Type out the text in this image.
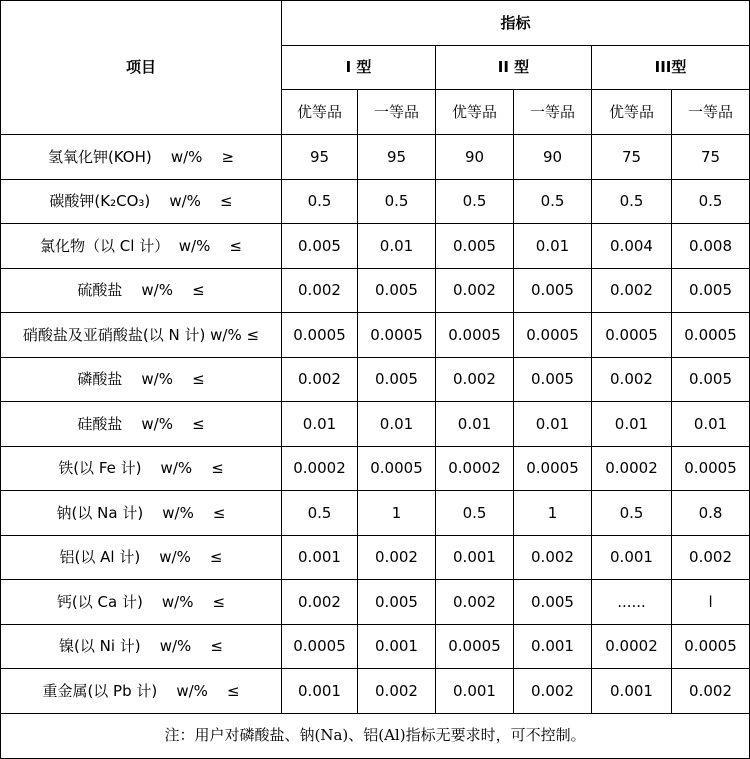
项目	指标					
	I 型		II 型		III型	
	优等品	一等品	优等品	一等品	优等品	一等品
氢氧化钾(KOH)    w/%    ≥	95	95	90	90	75	75
碳酸钾(K₂CO₃)    w/%    ≤	0.5	0.5	0.5	0.5	0.5	0.5
氯化物（以 Cl 计）  w/%    ≤	0.005	0.01	0.005	0.01	0.004	0.008
硫酸盐    w/%    ≤	0.002	0.005	0.002	0.005	0.002	0.005
硝酸盐及亚硝酸盐(以 N 计) w/% ≤	0.0005	0.0005	0.0005	0.0005	0.0005	0.0005
磷酸盐    w/%    ≤	0.002	0.005	0.002	0.005	0.002	0.005
硅酸盐    w/%    ≤	0.01	0.01	0.01	0.01	0.01	0.01
铁(以 Fe 计)    w/%    ≤	0.0002	0.0005	0.0002	0.0005	0.0002	0.0005
钠(以 Na 计)    w/%    ≤	0.5	1	0.5	1	0.5	0.8
铝(以 Al 计)    w/%    ≤	0.001	0.002	0.001	0.002	0.001	0.002
钙(以 Ca 计)    w/%    ≤	0.002	0.005	0.002	0.005	......	l
镍(以 Ni 计)    w/%    ≤	0.0005	0.001	0.0005	0.001	0.0002	0.0005
重金属(以 Pb 计)    w/%    ≤	0.001	0.002	0.001	0.002	0.001	0.002
注：用户对磷酸盐、钠(Na)、铝(Al)指标无要求时，可不控制。						
